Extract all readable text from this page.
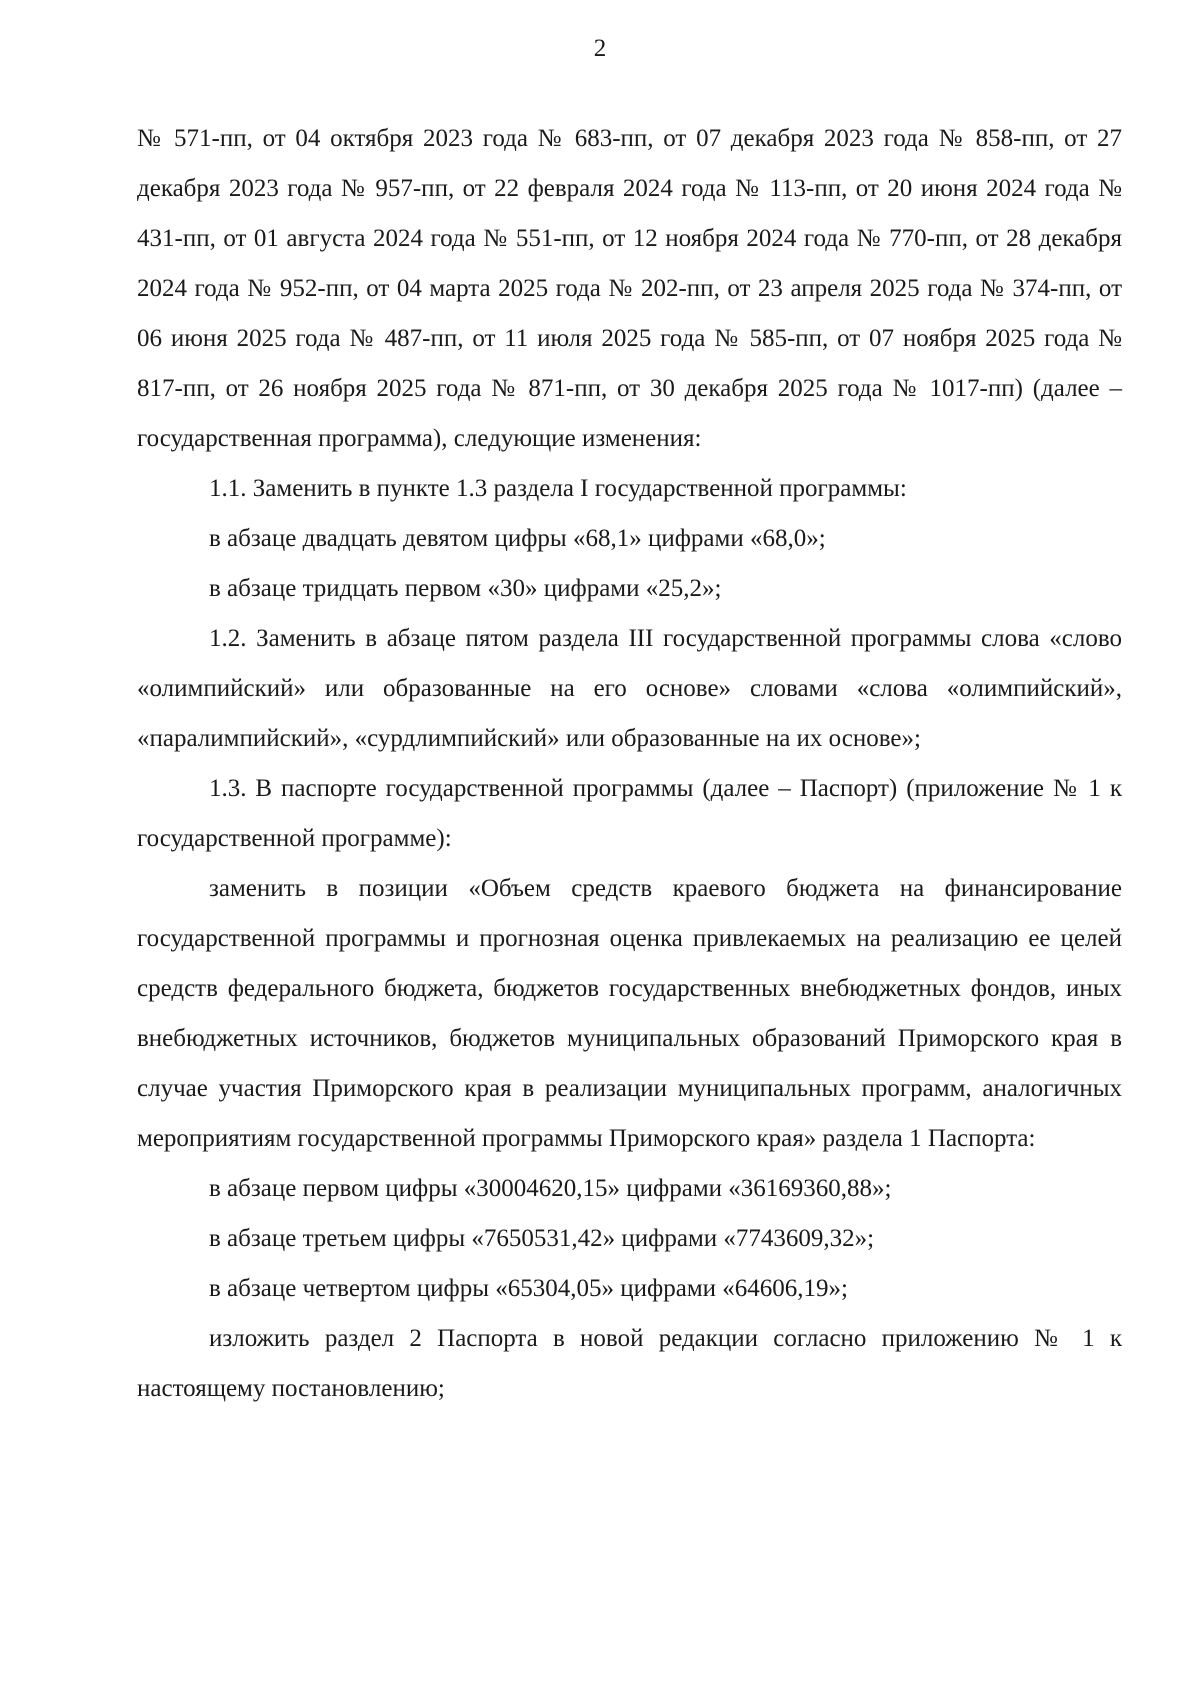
2

№ 571-пп, от 04 октября 2023 года № 683-пп, от 07 декабря 2023 года № 858-пп, от 27 декабря 2023 года № 957-пп, от 22 февраля 2024 года № 113-пп, от 20 июня 2024 года № 431-пп, от 01 августа 2024 года № 551-пп, от 12 ноября 2024 года № 770-пп, от 28 декабря 2024 года № 952-пп, от 04 марта 2025 года № 202-пп, от 23 апреля 2025 года № 374-пп, от 06 июня 2025 года № 487-пп, от 11 июля 2025 года № 585-пп, от 07 ноября 2025 года № 817-пп, от 26 ноября 2025 года № 871-пп, от 30 декабря 2025 года № 1017-пп) (далее – государственная программа), следующие изменения:

1.1. Заменить в пункте 1.3 раздела I государственной программы:

в абзаце двадцать девятом цифры «68,1» цифрами «68,0»;

в абзаце тридцать первом «30» цифрами «25,2»;

1.2. Заменить в абзаце пятом раздела III государственной программы слова «слово «олимпийский» или образованные на его основе» словами «слова «олимпийский», «паралимпийский», «сурдлимпийский» или образованные на их основе»;

1.3. В паспорте государственной программы (далее – Паспорт) (приложение № 1 к государственной программе):

заменить в позиции «Объем средств краевого бюджета на финансирование государственной программы и прогнозная оценка привлекаемых на реализацию ее целей средств федерального бюджета, бюджетов государственных внебюджетных фондов, иных внебюджетных источников, бюджетов муниципальных образований Приморского края в случае участия Приморского края в реализации муниципальных программ, аналогичных мероприятиям государственной программы Приморского края» раздела 1 Паспорта:

в абзаце первом цифры «30004620,15» цифрами «36169360,88»;

в абзаце третьем цифры «7650531,42» цифрами «7743609,32»;

в абзаце четвертом цифры «65304,05» цифрами «64606,19»;

изложить раздел 2 Паспорта в новой редакции согласно приложению № 1 к настоящему постановлению;
